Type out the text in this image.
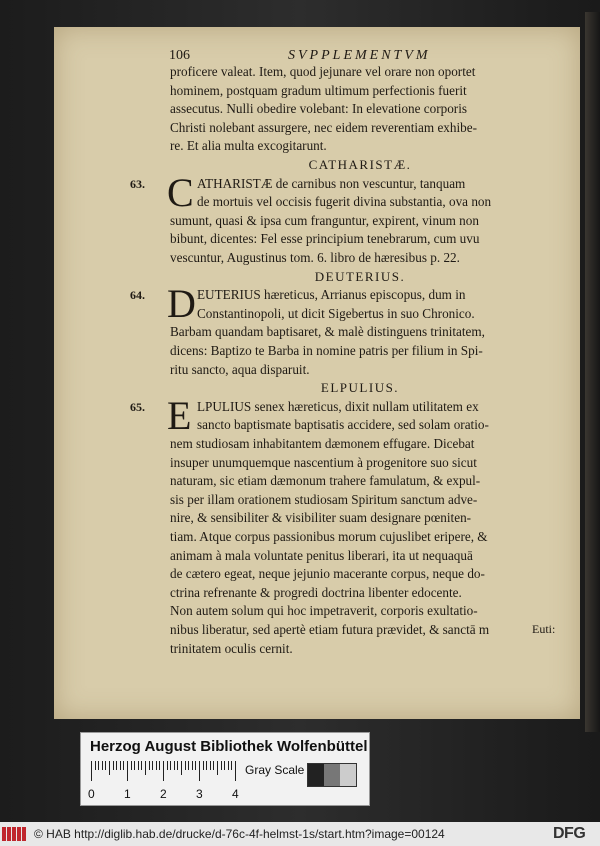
106	SVPPLEMENTVM
Euti:
Herzog August Bibliothek Wolfenbüttel
0 1 2 3 4
Gray Scale
© HAB http://diglib.hab.de/drucke/d-76c-4f-helmst-1s/start.htm?image=00124	DFG
proficere valeat. Item, quod jejunare vel orare non oportet
hominem, postquam gradum ultimum perfectionis fuerit
assecutus. Nulli obedire volebant: In elevatione corporis
Christi nolebant assurgere, nec eidem reverentiam exhibe-
re. Et alia multa excogitarunt.
CATHARISTÆ.
63. C ATHARISTÆ de carnibus non vescuntur, tanquam
de mortuis vel occisis fugerit divina substantia, ova non
sumunt, quasi & ipsa cum franguntur, expirent, vinum non
bibunt, dicentes: Fel esse principium tenebrarum, cum uvu
vescuntur, Augustinus tom. 6. libro de hæresibus p. 22.
DEUTERIUS.
64. D EUTERIUS hæreticus, Arrianus episcopus, dum in
Constantinopoli, ut dicit Sigebertus in suo Chronico.
Barbam quandam baptisaret, & malè distinguens trinitatem,
dicens: Baptizo te Barba in nomine patris per filium in Spi-
ritu sancto, aqua disparuit.
ELPULIUS.
65. E LPULIUS senex hæreticus, dixit nullam utilitatem ex
sancto baptismate baptisatis accidere, sed solam oratio-
nem studiosam inhabitantem dæmonem effugare. Dicebat
insuper unumquemque nascentium à progenitore suo sicut
naturam, sic etiam dæmonum trahere famulatum, & expul-
sis per illam orationem studiosam Spiritum sanctum adve-
nire, & sensibiliter & visibiliter suam designare pœniten-
tiam. Atque corpus passionibus morum cujuslibet eripere, &
animam à mala voluntate penitus liberari, ita ut nequaquā
de cætero egeat, neque jejunio macerante corpus, neque do-
ctrina refrenante & progredi doctrina libenter edocente.
Non autem solum qui hoc impetraverit, corporis exultatio-
nibus liberatur, sed apertè etiam futura prævidet, & sanctā m
trinitatem oculis cernit.
